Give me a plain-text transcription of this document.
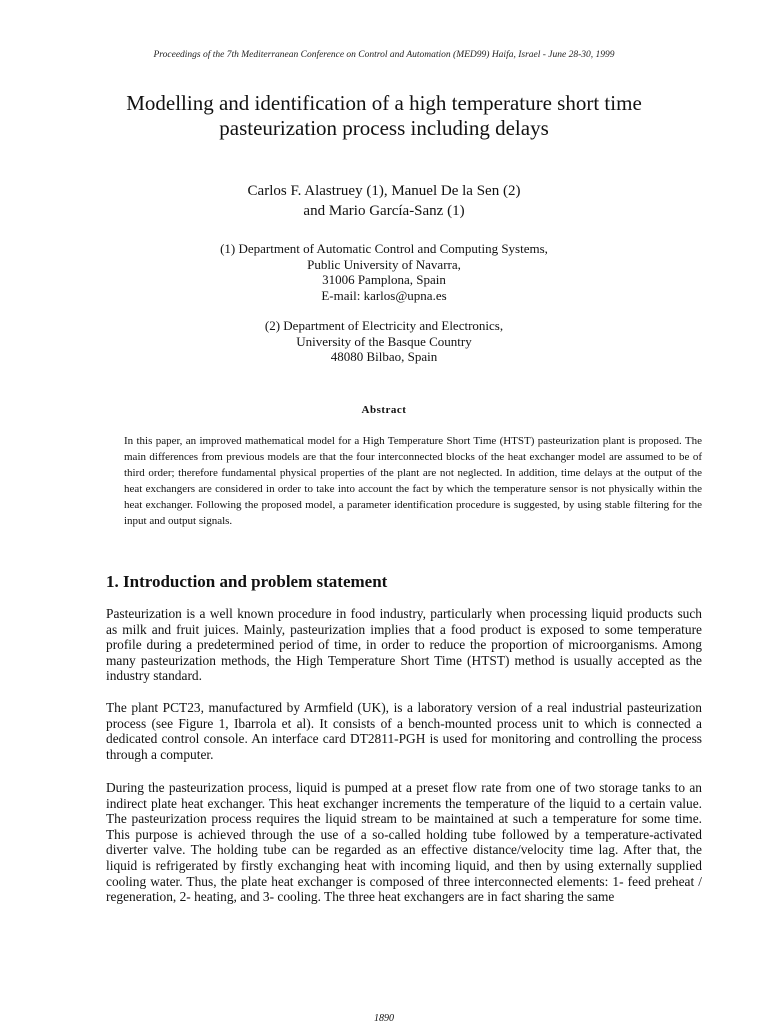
Proceedings of the 7th Mediterranean Conference on Control and Automation (MED99) Haifa, Israel - June 28-30, 1999
Modelling and identification of a high temperature short time
pasteurization process including delays
Carlos F. Alastruey (1), Manuel De la Sen (2)
and Mario García-Sanz (1)
(1) Department of Automatic Control and Computing Systems,
Public University of Navarra,
31006 Pamplona, Spain
E-mail: karlos@upna.es
(2) Department of Electricity and Electronics,
University of the Basque Country
48080 Bilbao, Spain
Abstract

In this paper, an improved mathematical model for a High Temperature Short Time (HTST) pasteurization plant is proposed. The main differences from previous models are that the four interconnected blocks of the heat exchanger model are assumed to be of third order; therefore fundamental physical properties of the plant are not neglected. In addition, time delays at the output of the heat exchangers are considered in order to take into account the fact by which the temperature sensor is not physically within the heat exchanger. Following the proposed model, a parameter identification procedure is suggested, by using stable filtering for the input and output signals.

1. Introduction and problem statement

Pasteurization is a well known procedure in food industry, particularly when processing liquid products such as milk and fruit juices. Mainly, pasteurization implies that a food product is exposed to some temperature profile during a predetermined period of time, in order to reduce the proportion of microorganisms. Among many pasteurization methods, the High Temperature Short Time (HTST) method is usually accepted as the industry standard.

The plant PCT23, manufactured by Armfield (UK), is a laboratory version of a real industrial pasteurization process (see Figure 1, Ibarrola et al). It consists of a bench-mounted process unit to which is connected a dedicated control console. An interface card DT2811-PGH is used for monitoring and controlling the process through a computer.

During the pasteurization process, liquid is pumped at a preset flow rate from one of two storage tanks to an indirect plate heat exchanger. This heat exchanger increments the temperature of the liquid to a certain value. The pasteurization process requires the liquid stream to be maintained at such a temperature for some time. This purpose is achieved through the use of a so-called holding tube followed by a temperature-activated diverter valve. The holding tube can be regarded as an effective distance/velocity time lag. After that, the liquid is refrigerated by firstly exchanging heat with incoming liquid, and then by using externally supplied cooling water. Thus, the plate heat exchanger is composed of three interconnected elements: 1- feed preheat / regeneration, 2- heating, and 3- cooling. The three heat exchangers are in fact sharing the same

1890
